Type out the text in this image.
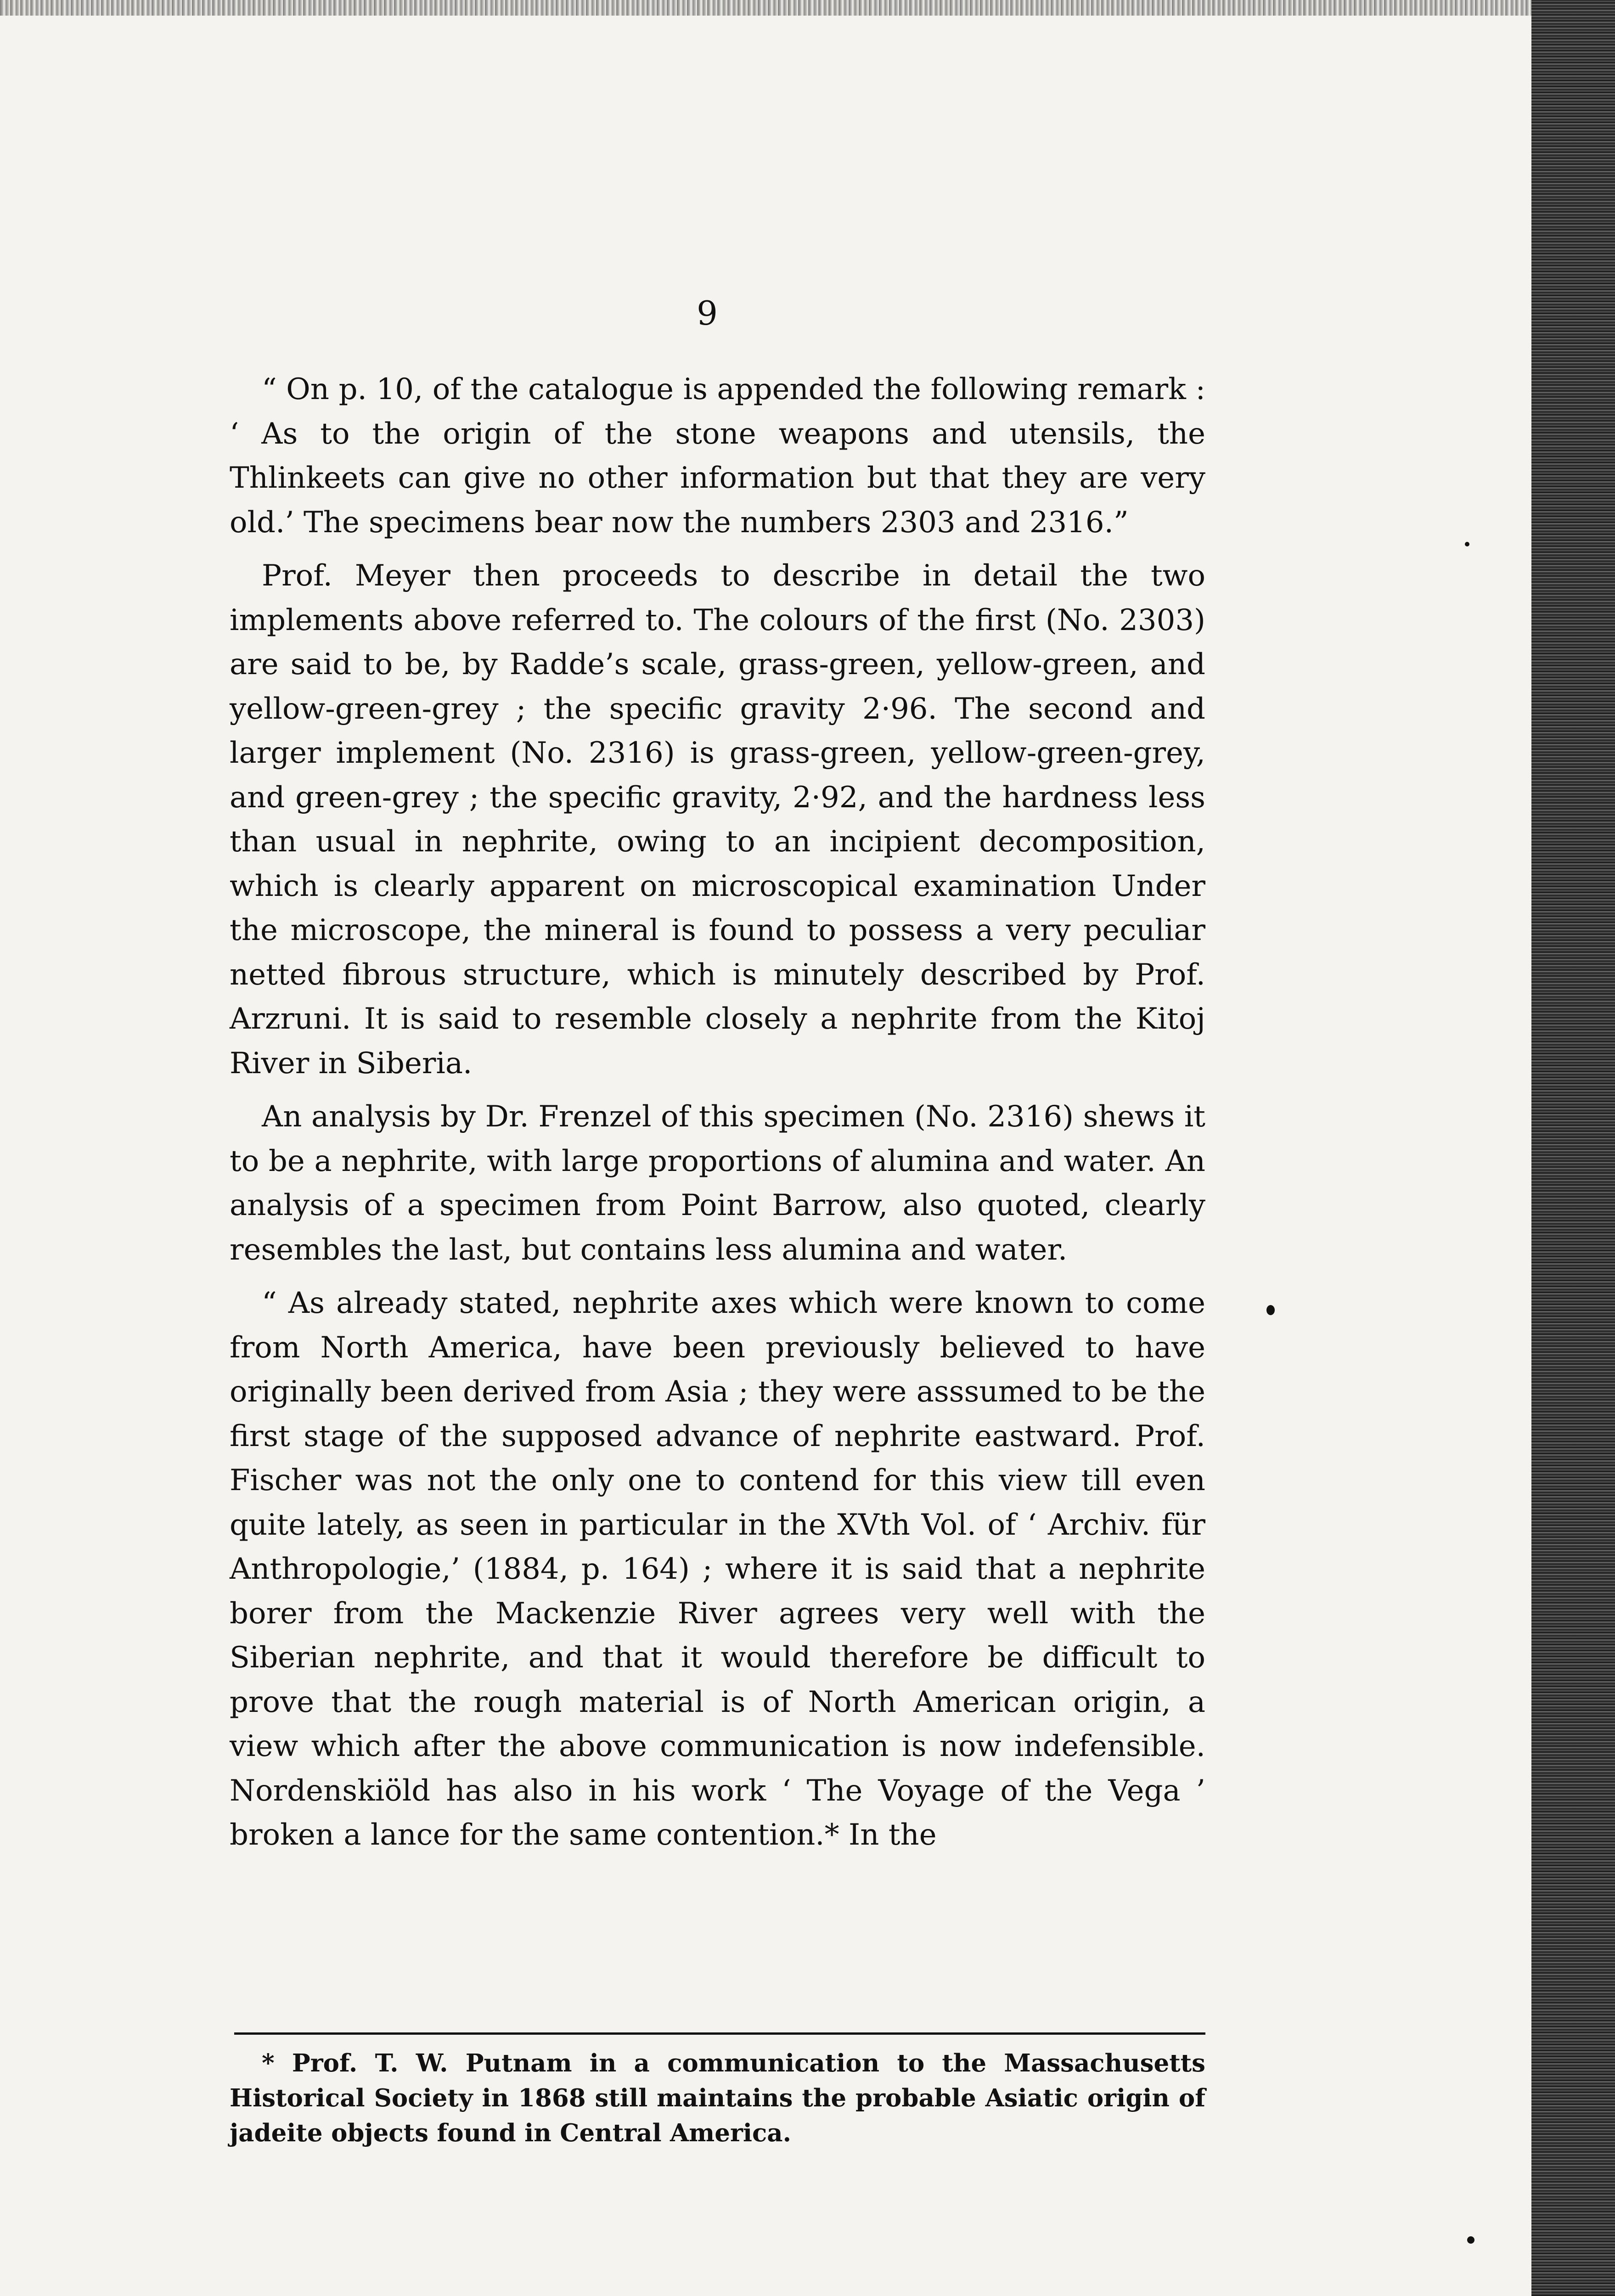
9

“ On p. 10, of the catalogue is appended the following remark : ‘ As to the origin of the stone weapons and utensils, the Thlinkeets can give no other information but that they are very old.’ The specimens bear now the numbers 2303 and 2316.”

Prof. Meyer then proceeds to describe in detail the two implements above referred to. The colours of the first (No. 2303) are said to be, by Radde’s scale, grass-green, yellow-green, and yellow-green-grey ; the specific gravity 2·96. The second and larger implement (No. 2316) is grass-green, yellow-green-grey, and green-grey ; the specific gravity, 2·92, and the hardness less than usual in nephrite, owing to an incipient decomposition, which is clearly apparent on microscopical examination Under the microscope, the mineral is found to possess a very peculiar netted fibrous structure, which is minutely described by Prof. Arzruni. It is said to resemble closely a nephrite from the Kitoj River in Siberia.

An analysis by Dr. Frenzel of this specimen (No. 2316) shews it to be a nephrite, with large proportions of alumina and water. An analysis of a specimen from Point Barrow, also quoted, clearly resembles the last, but contains less alumina and water.

“ As already stated, nephrite axes which were known to come from North America, have been previously believed to have originally been derived from Asia ; they were asssumed to be the first stage of the supposed advance of nephrite eastward. Prof. Fischer was not the only one to contend for this view till even quite lately, as seen in particular in the XVth Vol. of ‘ Archiv. für Anthropologie,’ (1884, p. 164) ; where it is said that a nephrite borer from the Mackenzie River agrees very well with the Siberian nephrite, and that it would therefore be difficult to prove that the rough material is of North American origin, a view which after the above communication is now indefensible. Nordenskiöld has also in his work ‘ The Voyage of the Vega ’ broken a lance for the same contention.* In the

* Prof. T. W. Putnam in a communication to the Massachusetts Historical Society in 1868 still maintains the probable Asiatic origin of jadeite objects found in Central America.
